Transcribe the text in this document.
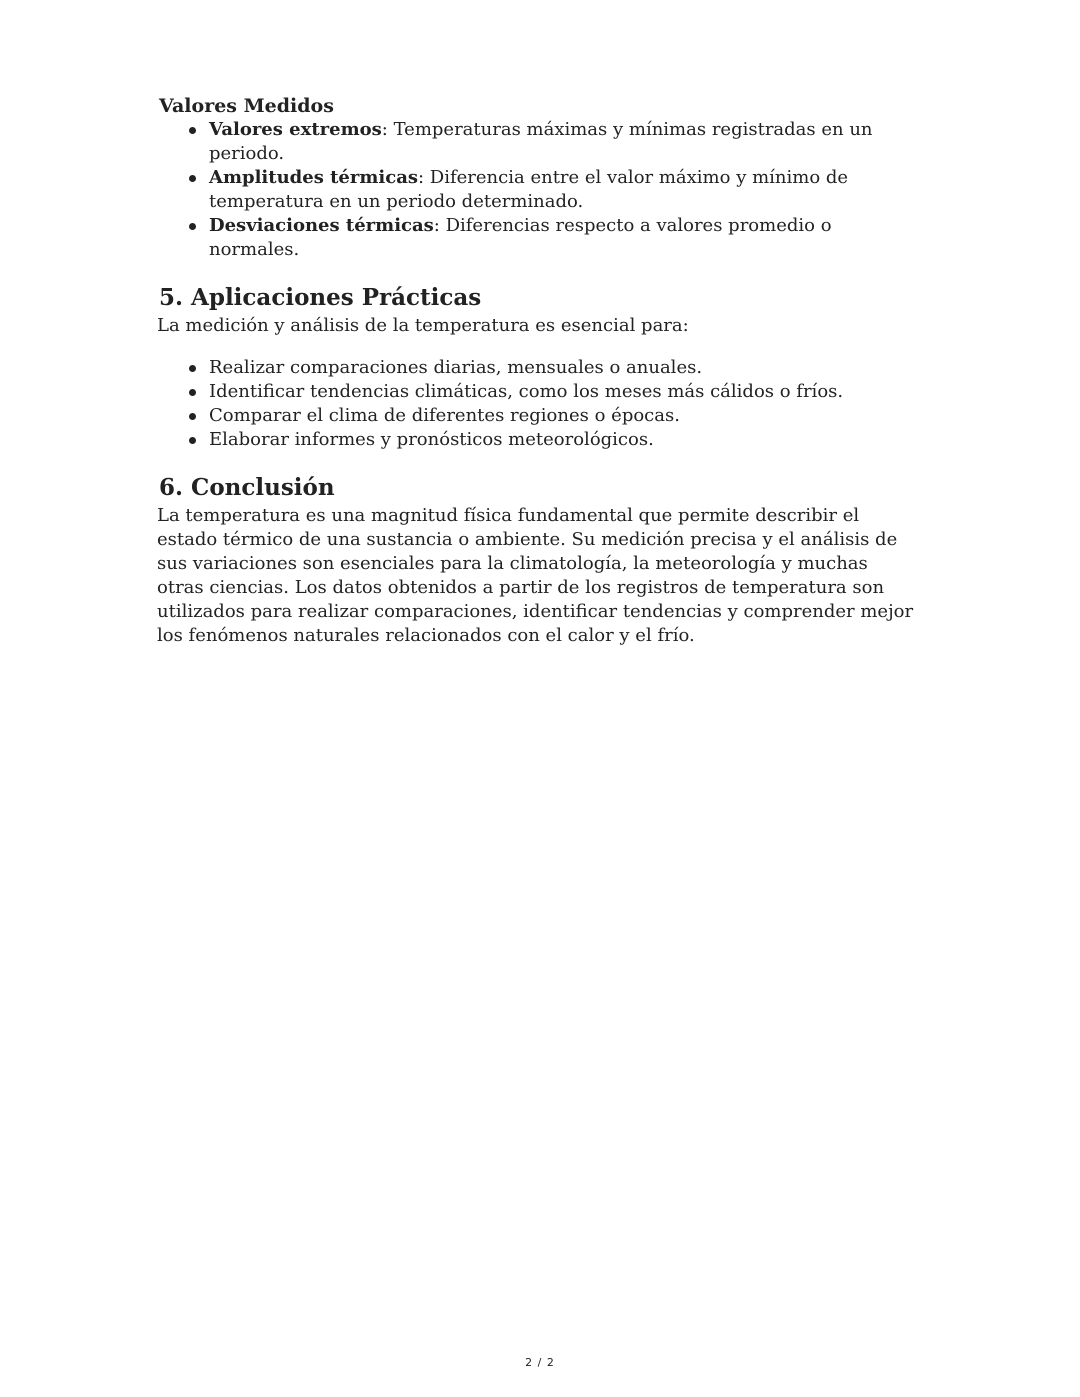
Valores Medidos
Valores extremos: Temperaturas máximas y mínimas registradas en un periodo.
Amplitudes térmicas: Diferencia entre el valor máximo y mínimo de temperatura en un periodo determinado.
Desviaciones térmicas: Diferencias respecto a valores promedio o normales.
5. Aplicaciones Prácticas

La medición y análisis de la temperatura es esencial para:

Realizar comparaciones diarias, mensuales o anuales.
Identificar tendencias climáticas, como los meses más cálidos o fríos.
Comparar el clima de diferentes regiones o épocas.
Elaborar informes y pronósticos meteorológicos.
6. Conclusión

La temperatura es una magnitud física fundamental que permite describir el estado térmico de una sustancia o ambiente. Su medición precisa y el análisis de sus variaciones son esenciales para la climatología, la meteorología y muchas otras ciencias. Los datos obtenidos a partir de los registros de temperatura son utilizados para realizar comparaciones, identificar tendencias y comprender mejor los fenómenos naturales relacionados con el calor y el frío.

2 / 2
